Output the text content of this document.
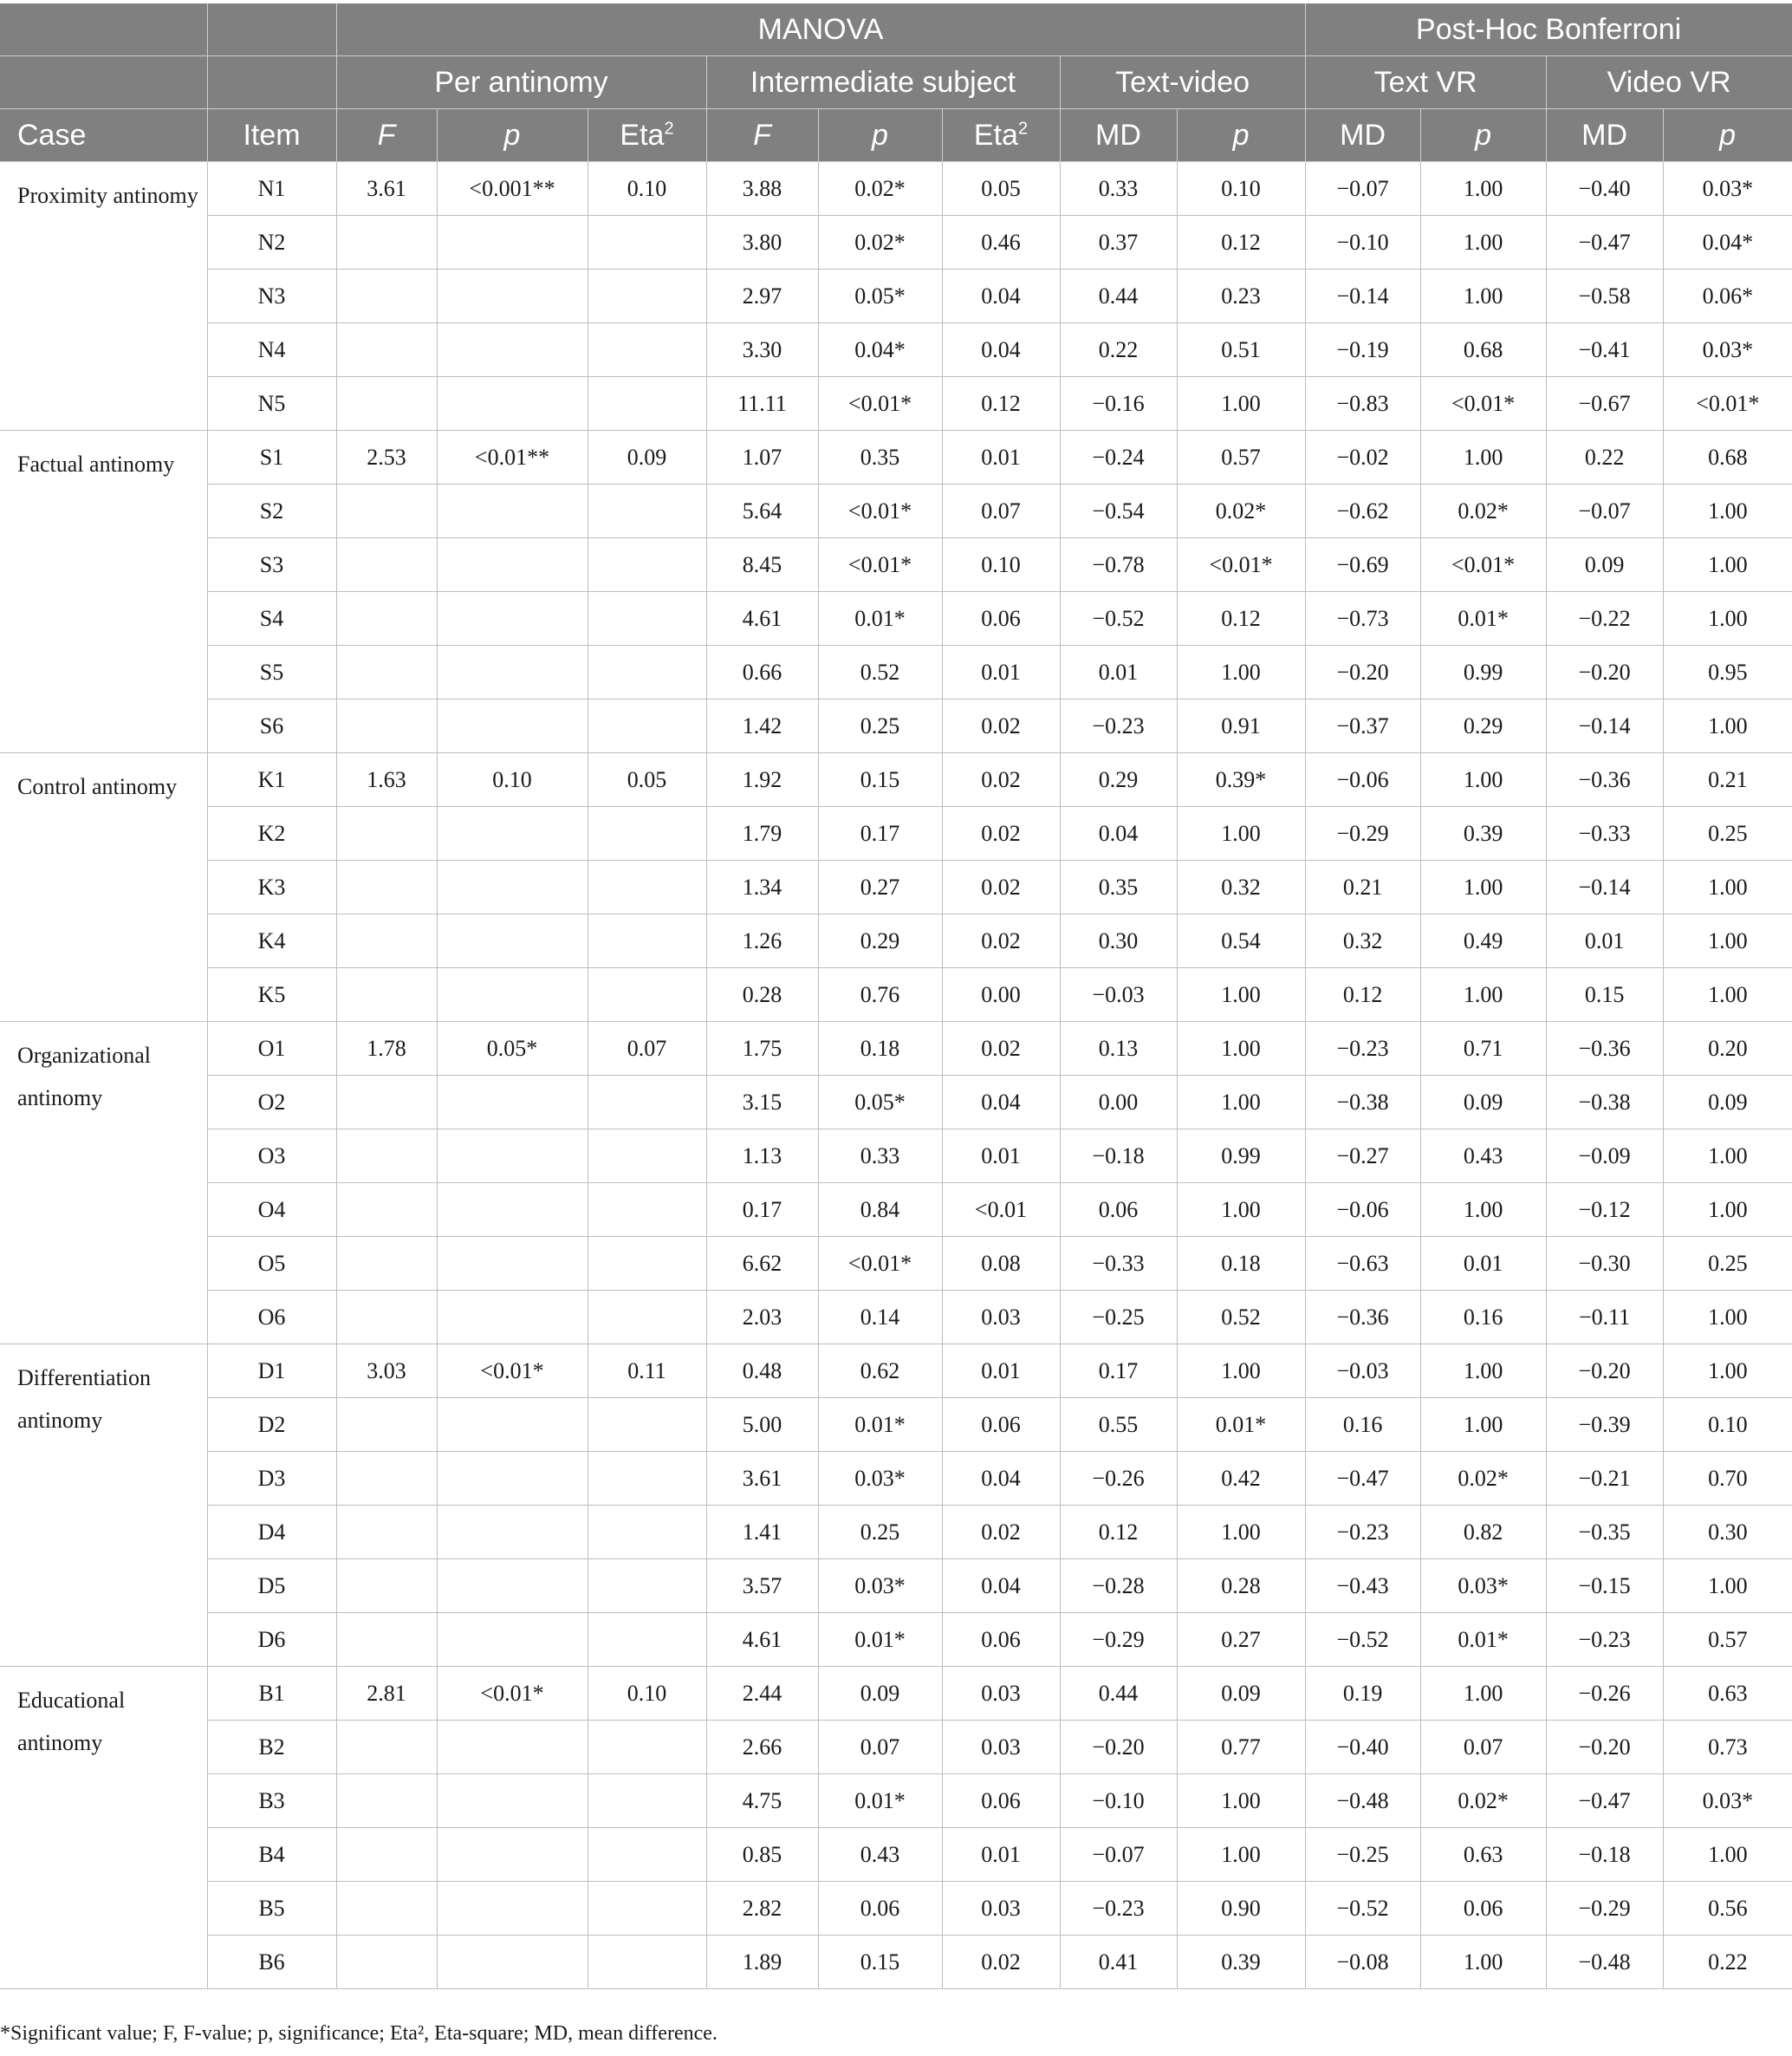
		MANOVA								Post-Hoc Bonferroni			
		Per antinomy			Intermediate subject			Text-video		Text VR		Video VR	
Case	Item	F	p	Eta$^2$	F	p	Eta$^2$	MD	p	MD	p	MD	p
Proximity antinomy	N1	3.61	<0.001**	0.10	3.88	0.02*	0.05	0.33	0.10	−0.07	1.00	−0.40	0.03*
	N2				3.80	0.02*	0.46	0.37	0.12	−0.10	1.00	−0.47	0.04*
	N3				2.97	0.05*	0.04	0.44	0.23	−0.14	1.00	−0.58	0.06*
	N4				3.30	0.04*	0.04	0.22	0.51	−0.19	0.68	−0.41	0.03*
	N5				11.11	<0.01*	0.12	−0.16	1.00	−0.83	<0.01*	−0.67	<0.01*
Factual antinomy	S1	2.53	<0.01**	0.09	1.07	0.35	0.01	−0.24	0.57	−0.02	1.00	0.22	0.68
	S2				5.64	<0.01*	0.07	−0.54	0.02*	−0.62	0.02*	−0.07	1.00
	S3				8.45	<0.01*	0.10	−0.78	<0.01*	−0.69	<0.01*	0.09	1.00
	S4				4.61	0.01*	0.06	−0.52	0.12	−0.73	0.01*	−0.22	1.00
	S5				0.66	0.52	0.01	0.01	1.00	−0.20	0.99	−0.20	0.95
	S6				1.42	0.25	0.02	−0.23	0.91	−0.37	0.29	−0.14	1.00
Control antinomy	K1	1.63	0.10	0.05	1.92	0.15	0.02	0.29	0.39*	−0.06	1.00	−0.36	0.21
	K2				1.79	0.17	0.02	0.04	1.00	−0.29	0.39	−0.33	0.25
	K3				1.34	0.27	0.02	0.35	0.32	0.21	1.00	−0.14	1.00
	K4				1.26	0.29	0.02	0.30	0.54	0.32	0.49	0.01	1.00
	K5				0.28	0.76	0.00	−0.03	1.00	0.12	1.00	0.15	1.00
Organizational antinomy	O1	1.78	0.05*	0.07	1.75	0.18	0.02	0.13	1.00	−0.23	0.71	−0.36	0.20
	O2				3.15	0.05*	0.04	0.00	1.00	−0.38	0.09	−0.38	0.09
	O3				1.13	0.33	0.01	−0.18	0.99	−0.27	0.43	−0.09	1.00
	O4				0.17	0.84	<0.01	0.06	1.00	−0.06	1.00	−0.12	1.00
	O5				6.62	<0.01*	0.08	−0.33	0.18	−0.63	0.01	−0.30	0.25
	O6				2.03	0.14	0.03	−0.25	0.52	−0.36	0.16	−0.11	1.00
Differentiation antinomy	D1	3.03	<0.01*	0.11	0.48	0.62	0.01	0.17	1.00	−0.03	1.00	−0.20	1.00
	D2				5.00	0.01*	0.06	0.55	0.01*	0.16	1.00	−0.39	0.10
	D3				3.61	0.03*	0.04	−0.26	0.42	−0.47	0.02*	−0.21	0.70
	D4				1.41	0.25	0.02	0.12	1.00	−0.23	0.82	−0.35	0.30
	D5				3.57	0.03*	0.04	−0.28	0.28	−0.43	0.03*	−0.15	1.00
	D6				4.61	0.01*	0.06	−0.29	0.27	−0.52	0.01*	−0.23	0.57
Educational antinomy	B1	2.81	<0.01*	0.10	2.44	0.09	0.03	0.44	0.09	0.19	1.00	−0.26	0.63
	B2				2.66	0.07	0.03	−0.20	0.77	−0.40	0.07	−0.20	0.73
	B3				4.75	0.01*	0.06	−0.10	1.00	−0.48	0.02*	−0.47	0.03*
	B4				0.85	0.43	0.01	−0.07	1.00	−0.25	0.63	−0.18	1.00
	B5				2.82	0.06	0.03	−0.23	0.90	−0.52	0.06	−0.29	0.56
	B6				1.89	0.15	0.02	0.41	0.39	−0.08	1.00	−0.48	0.22
*Significant value; F, F-value; p, significance; Eta², Eta-square; MD, mean difference.
